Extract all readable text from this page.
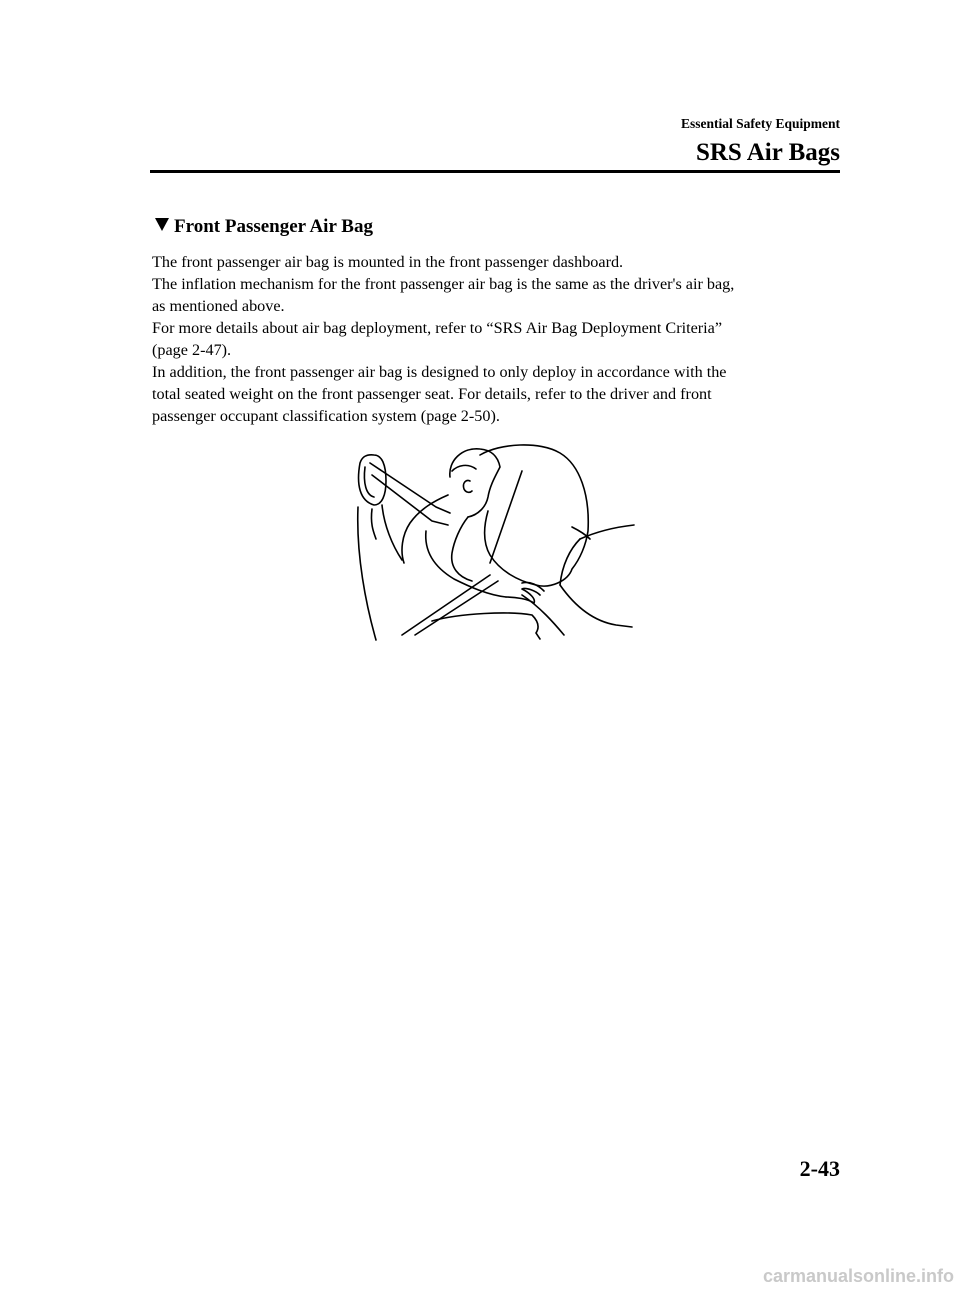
Essential Safety Equipment
SRS Air Bags
Front Passenger Air Bag
The front passenger air bag is mounted in the front passenger dashboard.
The inflation mechanism for the front passenger air bag is the same as the driver's air bag,
as mentioned above.
For more details about air bag deployment, refer to “SRS Air Bag Deployment Criteria”
(page 2-47).
In addition, the front passenger air bag is designed to only deploy in accordance with the
total seated weight on the front passenger seat. For details, refer to the driver and front
passenger occupant classification system (page 2-50).
2-43
carmanualsonline.info
